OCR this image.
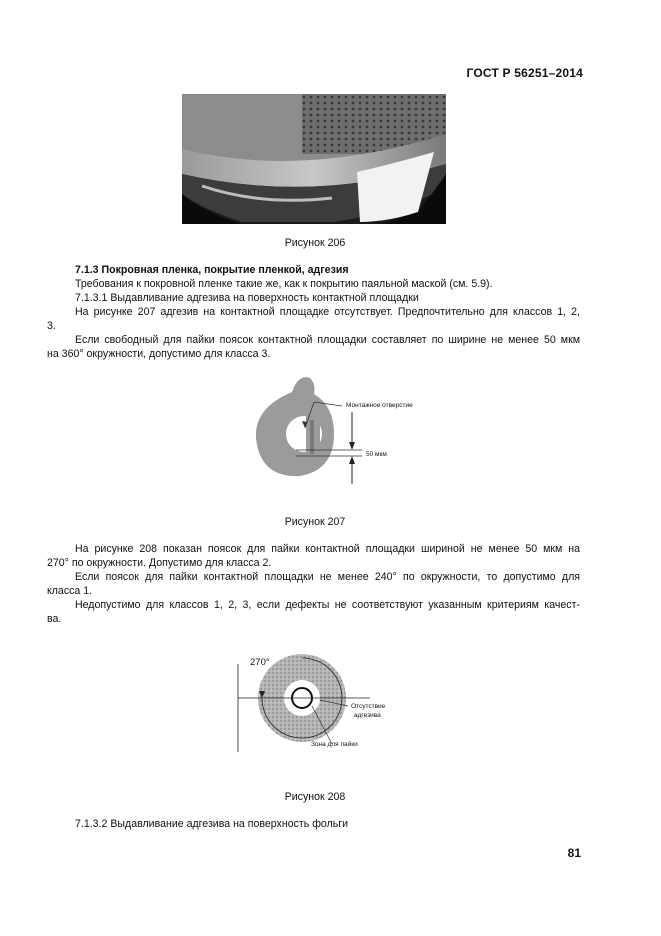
ГОСТ Р 56251–2014
Рисунок 206
7.1.3 Покровная пленка, покрытие пленкой, адгезия
Требования к покровной пленке такие же, как к покрытию паяльной маской (см. 5.9).
7.1.3.1 Выдавливание адгезива на поверхность контактной площадки
На рисунке 207 адгезив на контактной площадке отсутствует. Предпочтительно для классов 1, 2,
3.
Если свободный для пайки поясок контактной площадки составляет по ширине не менее 50 мкм
на 360° окружности, допустимо для класса 3.
Монтажное отверстие
50 мкм
Рисунок 207
На рисунке 208 показан поясок для пайки контактной площадки шириной не менее 50 мкм на
270° по окружности. Допустимо для класса 2.
Если поясок для пайки контактной площадки не менее 240° по окружности, то допустимо для
класса 1.
Недопустимо для классов 1, 2, 3, если дефекты не соответствуют указанным критериям качест-
ва.
270°
Отсутствие
адгезива
Зона для пайки
Рисунок 208
7.1.3.2 Выдавливание адгезива на поверхность фольги
81
